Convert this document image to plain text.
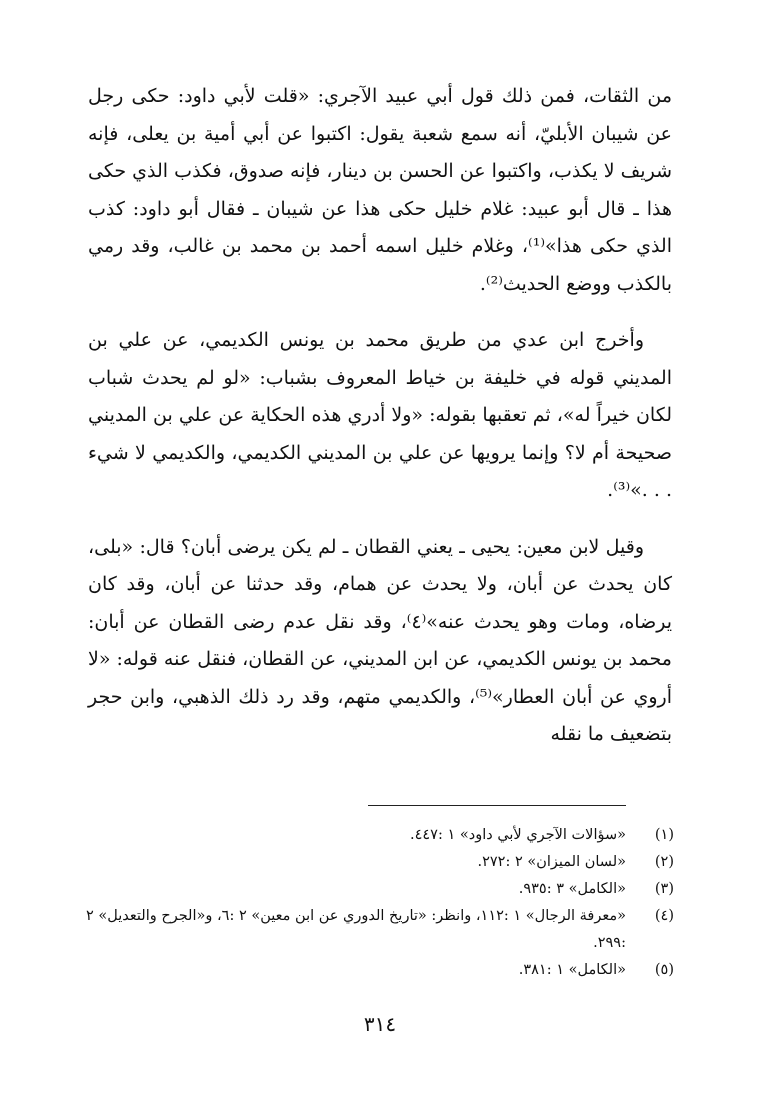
من الثقات، فمن ذلك قول أبي عبيد الآجري: «قلت لأبي داود: حكى رجل عن شيبان الأبليّ، أنه سمع شعبة يقول: اكتبوا عن أبي أمية بن يعلى، فإنه شريف لا يكذب، واكتبوا عن الحسن بن دينار، فإنه صدوق، فكذب الذي حكى هذا ـ قال أبو عبيد: غلام خليل حكى هذا عن شيبان ـ فقال أبو داود: كذب الذي حكى هذا»⁽¹⁾، وغلام خليل اسمه أحمد بن محمد بن غالب، وقد رمي بالكذب ووضع الحديث⁽²⁾.

وأخرج ابن عدي من طريق محمد بن يونس الكديمي، عن علي بن المديني قوله في خليفة بن خياط المعروف بشباب: «لو لم يحدث شباب لكان خيراً له»، ثم تعقبها بقوله: «ولا أدري هذه الحكاية عن علي بن المديني صحيحة أم لا؟ وإنما يرويها عن علي بن المديني الكديمي، والكديمي لا شيء . . .»⁽³⁾.

وقيل لابن معين: يحيى ـ يعني القطان ـ لم يكن يرضى أبان؟ قال: «بلى، كان يحدث عن أبان، ولا يحدث عن همام، وقد حدثنا عن أبان، وقد كان يرضاه، ومات وهو يحدث عنه»⁽٤⁾، وقد نقل عدم رضى القطان عن أبان: محمد بن يونس الكديمي، عن ابن المديني، عن القطان، فنقل عنه قوله: «لا أروي عن أبان العطار»⁽⁵⁾، والكديمي متهم، وقد رد ذلك الذهبي، وابن حجر بتضعيف ما نقله

(١)
«سؤالات الآجري لأبي داود» ١ :٤٤٧.
(٢)
«لسان الميزان» ٢ :٢٧٢.
(٣)
«الكامل» ٣ :٩٣٥.
(٤)
«معرفة الرجال» ١ :١١٢، وانظر: «تاريخ الدوري عن ابن معين» ٢ :٦، و«الجرح والتعديل» ٢ :٢٩٩.
(٥)
«الكامل» ١ :٣٨١.
٣١٤
